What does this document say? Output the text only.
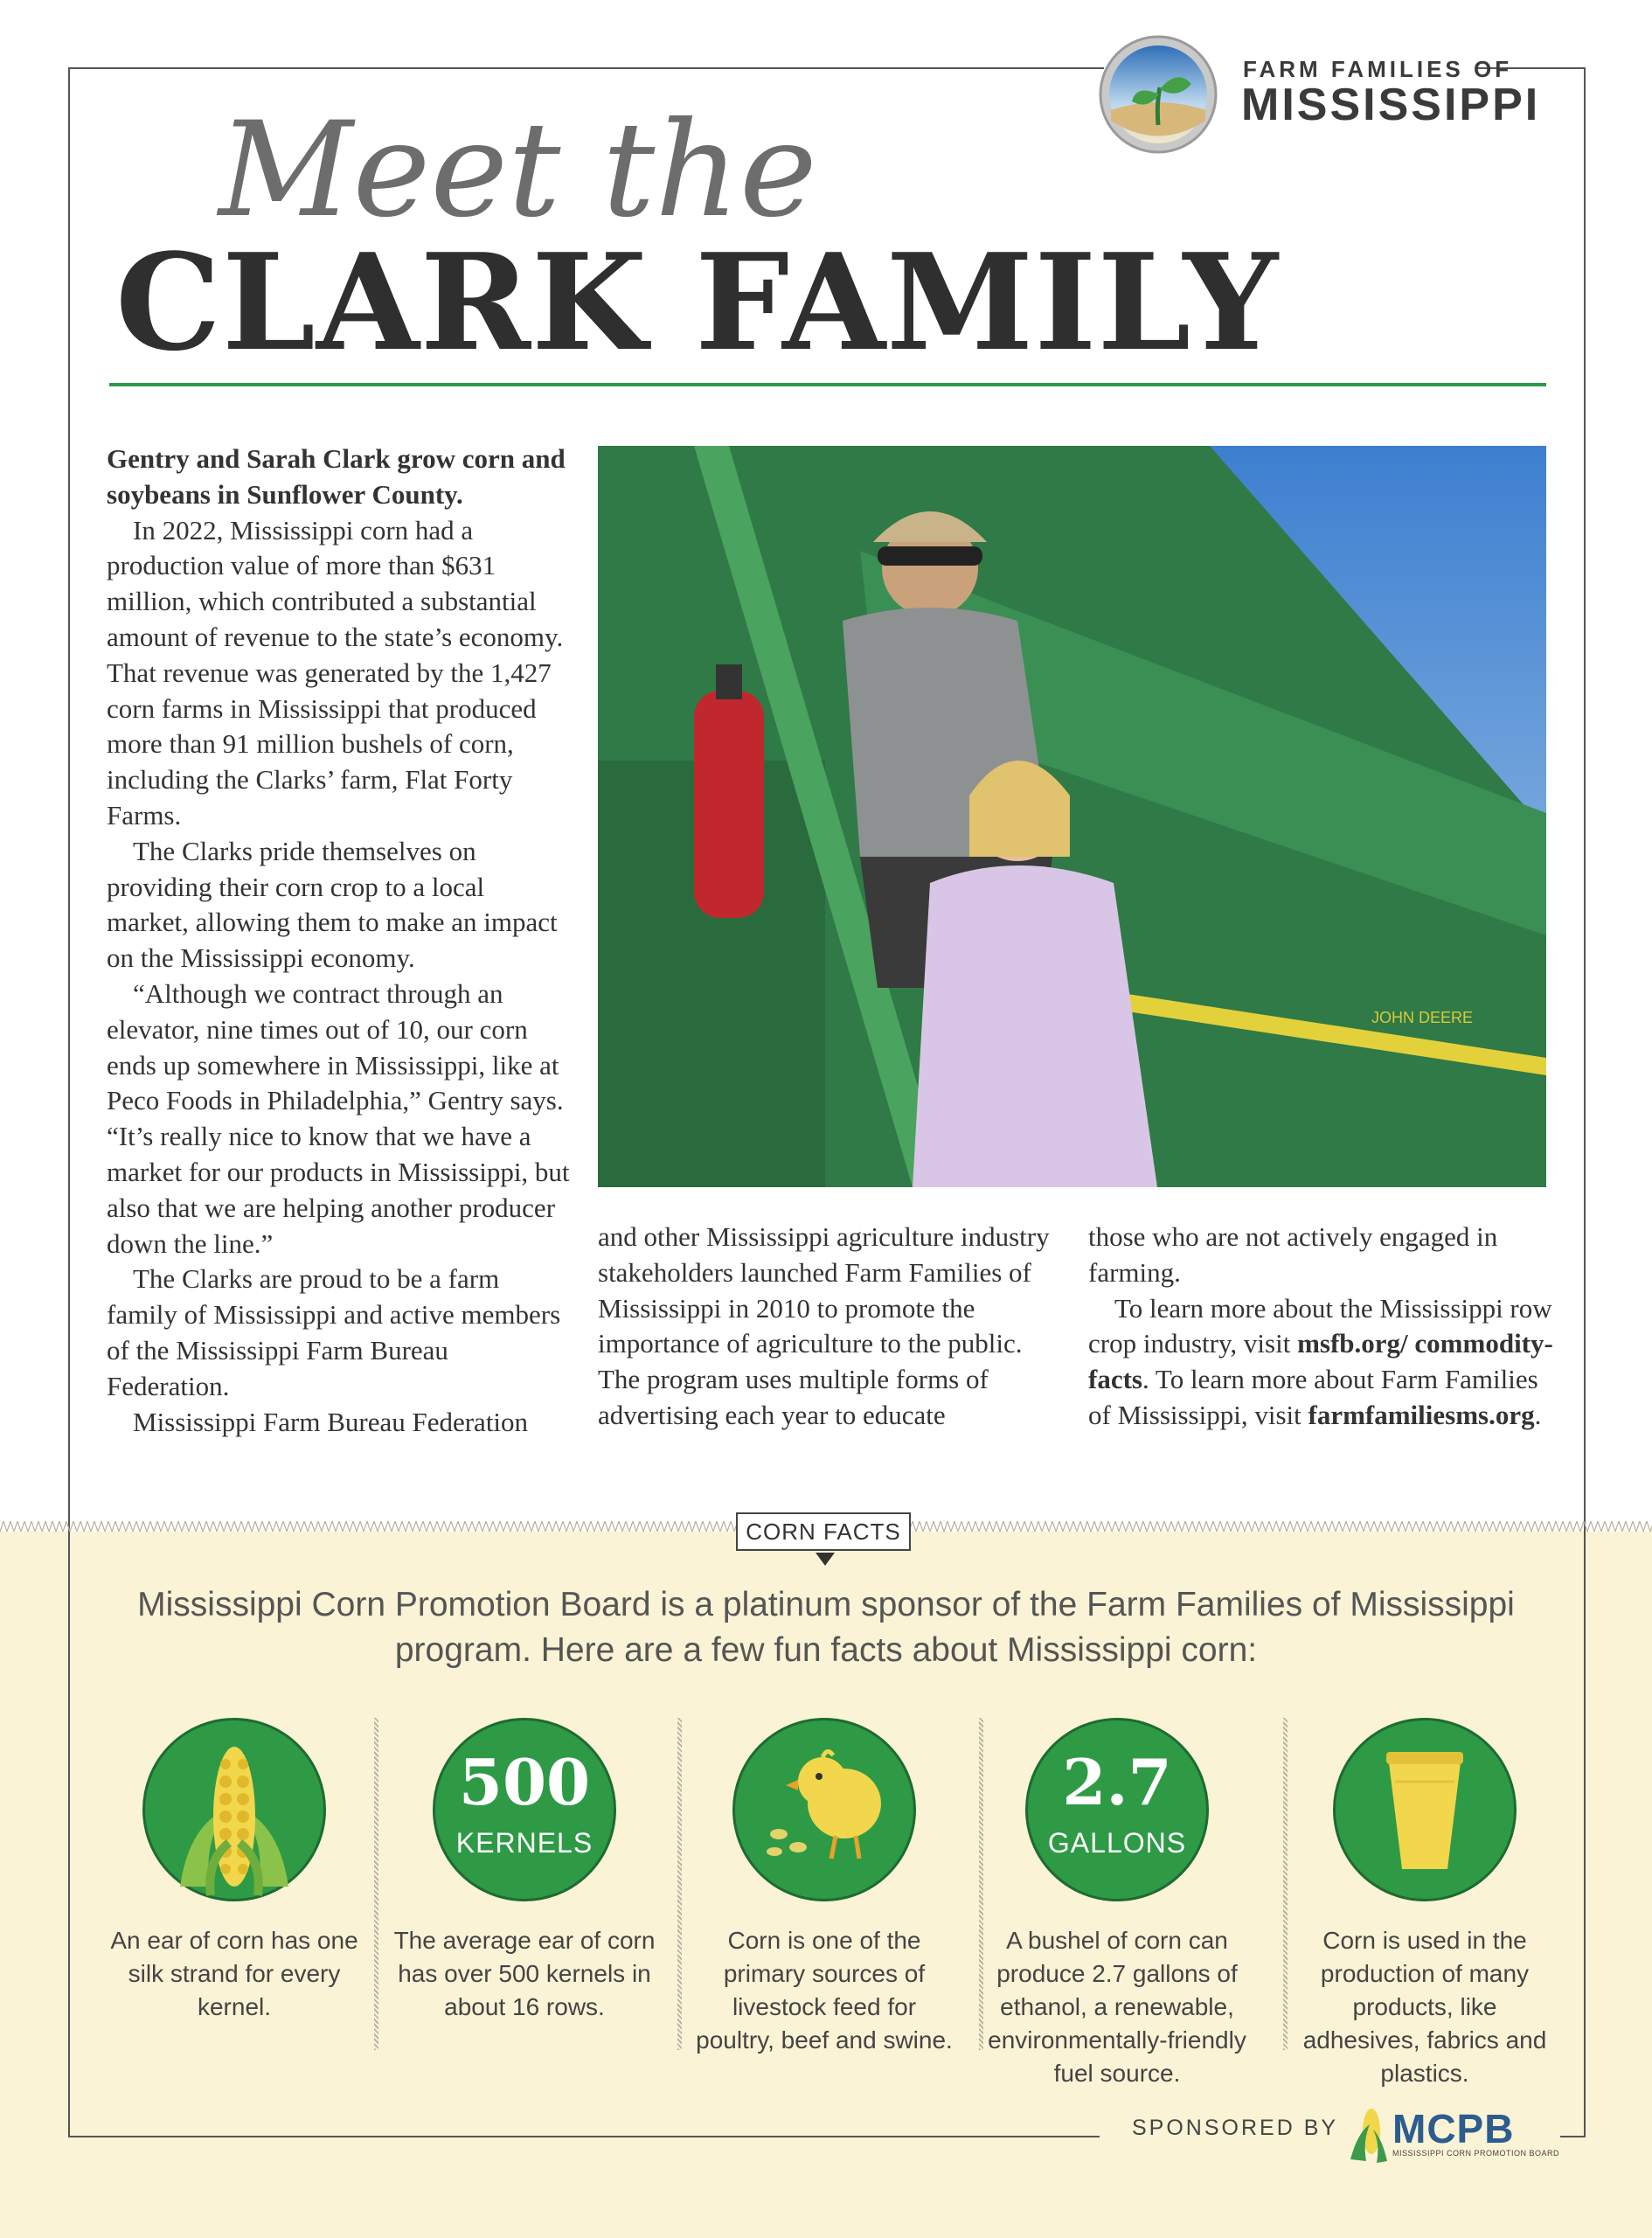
FARM FAMILIES OF
MISSISSIPPI
Meet the
CLARK FAMILY

Gentry and Sarah Clark grow corn and soybeans in Sunflower County.

In 2022, Mississippi corn had a production value of more than $631 million, which contributed a substantial amount of revenue to the state’s economy. That revenue was generated by the 1,427 corn farms in Mississippi that produced more than 91 million bushels of corn, including the Clarks’ farm, Flat Forty Farms.

The Clarks pride themselves on providing their corn crop to a local market, allowing them to make an impact on the Mississippi economy.

“Although we contract through an elevator, nine times out of 10, our corn ends up somewhere in Mississippi, like at Peco Foods in Philadelphia,” Gentry says. “It’s really nice to know that we have a market for our products in Mississippi, but also that we are helping another producer down the line.”

The Clarks are proud to be a farm family of Mississippi and active members of the Mississippi Farm Bureau Federation.

Mississippi Farm Bureau Federation

JOHN DEERE

and other Mississippi agriculture industry stakeholders launched Farm Families of Mississippi in 2010 to promote the importance of agriculture to the public. The program uses multiple forms of advertising each year to educate

those who are not actively engaged in farming.

To learn more about the Mississippi row crop industry, visit msfb.org/ commodity-facts. To learn more about Farm Families of Mississippi, visit farmfamiliesms.org.

CORN FACTS
Mississippi Corn Promotion Board is a platinum sponsor of the Farm Families of Mississippi program. Here are a few fun facts about Mississippi corn:
An ear of corn has one silk strand for every kernel.
500
KERNELS
The average ear of corn has over 500 kernels in about 16 rows.
Corn is one of the primary sources of livestock feed for poultry, beef and swine.
2.7
GALLONS
A bushel of corn can produce 2.7 gallons of ethanol, a renewable, environmentally-friendly fuel source.
Corn is used in the production of many products, like adhesives, fabrics and plastics.
SPONSORED BY MCPB
MISSISSIPPI CORN PROMOTION BOARD
